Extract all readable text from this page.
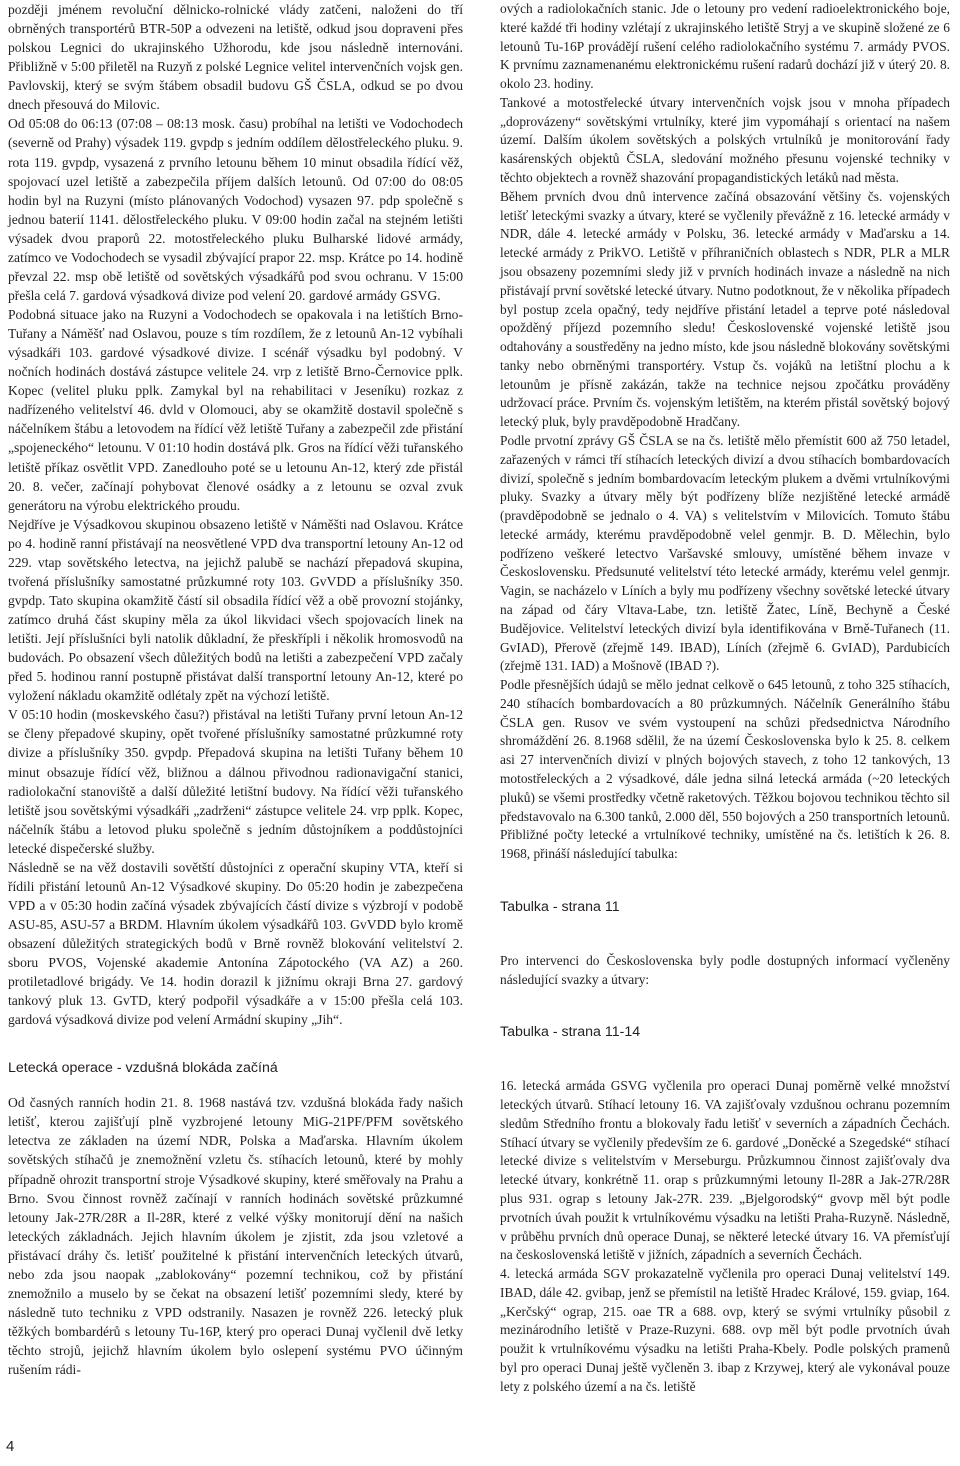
později jménem revoluční dělnicko-rolnické vlády zatčeni, naloženi do tří obrněných transportérů BTR-50P a odvezeni na letiště, odkud jsou dopraveni přes polskou Legnici do ukrajinského Užhorodu, kde jsou následně internováni. Přibližně v 5:00 přiletěl na Ruzyň z polské Legnice velitel intervenčních vojsk gen. Pavlovskij, který se svým štábem obsadil budovu GŠ ČSLA, odkud se po dvou dnech přesouvá do Milovic.

Od 05:08 do 06:13 (07:08 – 08:13 mosk. času) probíhal na letišti ve Vodochodech (severně od Prahy) výsadek 119. gvpdp s jedním oddílem dělostřeleckého pluku. 9. rota 119. gvpdp, vysazená z prvního letounu během 10 minut obsadila řídící věž, spojovací uzel letiště a zabezpečila příjem dalších letounů. Od 07:00 do 08:05 hodin byl na Ruzyni (místo plánovaných Vodochod) vysazen 97. pdp společně s jednou baterií 1141. dělostřeleckého pluku. V 09:00 hodin začal na stejném letišti výsadek dvou praporů 22. motostřeleckého pluku Bulharské lidové armády, zatímco ve Vodochodech se vysadil zbývající prapor 22. msp. Krátce po 14. hodině převzal 22. msp obě letiště od sovětských výsadkářů pod svou ochranu. V 15:00 přešla celá 7. gardová výsadková divize pod velení 20. gardové armády GSVG.

Podobná situace jako na Ruzyni a Vodochodech se opakovala i na letištích Brno-Tuřany a Náměšť nad Oslavou, pouze s tím rozdílem, že z letounů An-12 vybíhali výsadkáři 103. gardové výsadkové divize. I scénář výsadku byl podobný. V nočních hodinách dostává zástupce velitele 24. vrp z letiště Brno-Černovice pplk. Kopec (velitel pluku pplk. Zamykal byl na rehabilitaci v Jeseníku) rozkaz z nadřízeného velitelství 46. dvld v Olomouci, aby se okamžitě dostavil společně s náčelníkem štábu a letovodem na řídící věž letiště Tuřany a zabezpečil zde přistání „spojeneckého“ letounu. V 01:10 hodin dostává plk. Gros na řídící věži tuřanského letiště příkaz osvětlit VPD. Zanedlouho poté se u letounu An-12, který zde přistál 20. 8. večer, začínají pohybovat členové osádky a z letounu se ozval zvuk generátoru na výrobu elektrického proudu.

Nejdříve je Výsadkovou skupinou obsazeno letiště v Náměšti nad Oslavou. Krátce po 4. hodině ranní přistávají na neosvětlené VPD dva transportní letouny An-12 od 229. vtap sovětského letectva, na jejichž palubě se nachází přepadová skupina, tvořená příslušníky samostatné průzkumné roty 103. GvVDD a příslušníky 350. gvpdp. Tato skupina okamžitě částí sil obsadila řídící věž a obě provozní stojánky, zatímco druhá část skupiny měla za úkol likvidaci všech spojovacích linek na letišti. Její příslušníci byli natolik důkladní, že přeskřípli i několik hromosvodů na budovách. Po obsazení všech důležitých bodů na letišti a zabezpečení VPD začaly před 5. hodinou ranní postupně přistávat další transportní letouny An-12, které po vyložení nákladu okamžitě odlétaly zpět na výchozí letiště.

V 05:10 hodin (moskevského času?) přistával na letišti Tuřany první letoun An-12 se členy přepadové skupiny, opět tvořené příslušníky samostatné průzkumné roty divize a příslušníky 350. gvpdp. Přepadová skupina na letišti Tuřany během 10 minut obsazuje řídící věž, bližnou a dálnou přivodnou radionavigační stanici, radiolokační stanoviště a další důležité letištní budovy. Na řídící věži tuřanského letiště jsou sovětskými výsadkáři „zadrženi“ zástupce velitele 24. vrp pplk. Kopec, náčelník štábu a letovod pluku společně s jedním důstojníkem a poddůstojníci letecké dispečerské služby.

Následně se na věž dostavili sovětští důstojníci z operační skupiny VTA, kteří si řídili přistání letounů An-12 Výsadkové skupiny. Do 05:20 hodin je zabezpečena VPD a v 05:30 hodin začíná výsadek zbývajících částí divize s výzbrojí v podobě ASU-85, ASU-57 a BRDM. Hlavním úkolem výsadkářů 103. GvVDD bylo kromě obsazení důležitých strategických bodů v Brně rovněž blokování velitelství 2. sboru PVOS, Vojenské akademie Antonína Zápotockého (VA AZ) a 260. protiletadlové brigády. Ve 14. hodin dorazil k jižnímu okraji Brna 27. gardový tankový pluk 13. GvTD, který podpořil výsadkáře a v 15:00 přešla celá 103. gardová výsadková divize pod velení Armádní skupiny „Jih“.

Letecká operace - vzdušná blokáda začíná

Od časných ranních hodin 21. 8. 1968 nastává tzv. vzdušná blokáda řady našich letišť, kterou zajišťují plně vyzbrojené letouny MiG-21PF/PFM sovětského letectva ze základen na území NDR, Polska a Maďarska. Hlavním úkolem sovětských stíhačů je znemožnění vzletu čs. stíhacích letounů, které by mohly případně ohrozit transportní stroje Výsadkové skupiny, které směřovaly na Prahu a Brno. Svou činnost rovněž začínají v ranních hodinách sovětské průzkumné letouny Jak-27R/28R a Il-28R, které z velké výšky monitorují dění na našich leteckých základnách. Jejich hlavním úkolem je zjistit, zda jsou vzletové a přistávací dráhy čs. letišť použitelné k přistání intervenčních leteckých útvarů, nebo zda jsou naopak „zablokovány“ pozemní technikou, což by přistání znemožnilo a muselo by se čekat na obsazení letišť pozemními sledy, které by následně tuto techniku z VPD odstranily. Nasazen je rovněž 226. letecký pluk těžkých bombardérů s letouny Tu-16P, který pro operaci Dunaj vyčlenil dvě letky těchto strojů, jejichž hlavním úkolem bylo oslepení systému PVO účinným rušením rádi-

ových a radiolokačních stanic. Jde o letouny pro vedení radioelektronického boje, které každé tři hodiny vzlétají z ukrajinského letiště Stryj a ve skupině složené ze 6 letounů Tu-16P provádějí rušení celého radiolokačního systému 7. armády PVOS. K prvnímu zaznamenanému elektronickému rušení radarů dochází již v úterý 20. 8. okolo 23. hodiny.

Tankové a motostřelecké útvary intervenčních vojsk jsou v mnoha případech „doprovázeny“ sovětskými vrtulníky, které jim vypomáhají s orientací na našem území. Dalším úkolem sovětských a polských vrtulníků je monitorování řady kasárenských objektů ČSLA, sledování možného přesunu vojenské techniky v těchto objektech a rovněž shazování propagandistických letáků nad města.

Během prvních dvou dnů intervence začíná obsazování většiny čs. vojenských letišť leteckými svazky a útvary, které se vyčlenily převážně z 16. letecké armády v NDR, dále 4. letecké armády v Polsku, 36. letecké armády v Maďarsku a 14. letecké armády z PrikVO. Letiště v příhraničních oblastech s NDR, PLR a MLR jsou obsazeny pozemními sledy již v prvních hodinách invaze a následně na nich přistávají první sovětské letecké útvary. Nutno podotknout, že v několika případech byl postup zcela opačný, tedy nejdříve přistání letadel a teprve poté následoval opožděný příjezd pozemního sledu! Československé vojenské letiště jsou odtahovány a soustředěny na jedno místo, kde jsou následně blokovány sovětskými tanky nebo obrněnými transportéry. Vstup čs. vojáků na letištní plochu a k letounům je přísně zakázán, takže na technice nejsou zpočátku prováděny udržovací práce. Prvním čs. vojenským letištěm, na kterém přistál sovětský bojový letecký pluk, byly pravděpodobně Hradčany.

Podle prvotní zprávy GŠ ČSLA se na čs. letiště mělo přemístit 600 až 750 letadel, zařazených v rámci tří stíhacích leteckých divizí a dvou stíhacích bombardovacích divizí, společně s jedním bombardovacím leteckým plukem a dvěmi vrtulníkovými pluky. Svazky a útvary měly být podřízeny blíže nezjištěné letecké armádě (pravděpodobně se jednalo o 4. VA) s velitelstvím v Milovicích. Tomuto štábu letecké armády, kterému pravděpodobně velel genmjr. B. D. Mělechin, bylo podřízeno veškeré letectvo Varšavské smlouvy, umístěné během invaze v Československu. Předsunuté velitelství této letecké armády, kterému velel genmjr. Vagin, se nacházelo v Líních a byly mu podřízeny všechny sovětské letecké útvary na západ od čáry Vltava-Labe, tzn. letiště Žatec, Líně, Bechyně a České Budějovice. Velitelství leteckých divizí byla identifikována v Brně-Tuřanech (11. GvIAD), Přerově (zřejmě 149. IBAD), Líních (zřejmě 6. GvIAD), Pardubicích (zřejmě 131. IAD) a Mošnově (IBAD ?).

Podle přesnějších údajů se mělo jednat celkově o 645 letounů, z toho 325 stíhacích, 240 stíhacích bombardovacích a 80 průzkumných. Náčelník Generálního štábu ČSLA gen. Rusov ve svém vystoupení na schůzi předsednictva Národního shromáždění 26. 8.1968 sdělil, že na území Československa bylo k 25. 8. celkem asi 27 intervenčních divizí v plných bojových stavech, z toho 12 tankových, 13 motostřeleckých a 2 výsadkové, dále jedna silná letecká armáda (~20 leteckých pluků) se všemi prostředky včetně raketových. Těžkou bojovou technikou těchto sil představovalo na 6.300 tanků, 2.000 děl, 550 bojových a 250 transportních letounů. Přibližné počty letecké a vrtulníkové techniky, umístěné na čs. letištích k 26. 8. 1968, přináší následující tabulka:

Tabulka - strana 11

Pro intervenci do Československa byly podle dostupných informací vyčleněny následující svazky a útvary:

Tabulka - strana 11-14

16. letecká armáda GSVG vyčlenila pro operaci Dunaj poměrně velké množství leteckých útvarů. Stíhací letouny 16. VA zajišťovaly vzdušnou ochranu pozemním sledům Středního frontu a blokovaly řadu letišť v severních a západních Čechách. Stíhací útvary se vyčlenily především ze 6. gardové „Doněcké a Szegedské“ stíhací letecké divize s velitelstvím v Merseburgu. Průzkumnou činnost zajišťovaly dva letecké útvary, konkrétně 11. orap s průzkumnými letouny Il-28R a Jak-27R/28R plus 931. ograp s letouny Jak-27R. 239. „Bjelgorodský“ gvovp měl být podle prvotních úvah použit k vrtulníkovému výsadku na letišti Praha-Ruzyně. Následně, v průběhu prvních dnů operace Dunaj, se některé letecké útvary 16. VA přemísťují na československá letiště v jižních, západních a severních Čechách.

4. letecká armáda SGV prokazatelně vyčlenila pro operaci Dunaj velitelství 149. IBAD, dále 42. gvibap, jenž se přemístil na letiště Hradec Králové, 159. gviap, 164. „Kerčský“ ograp, 215. oae TR a 688. ovp, který se svými vrtulníky působil z mezinárodního letiště v Praze-Ruzyni. 688. ovp měl být podle prvotních úvah použit k vrtulníkovému výsadku na letišti Praha-Kbely. Podle polských pramenů byl pro operaci Dunaj ještě vyčleněn 3. ibap z Krzywej, který ale vykonával pouze lety z polského území a na čs. letiště

4
